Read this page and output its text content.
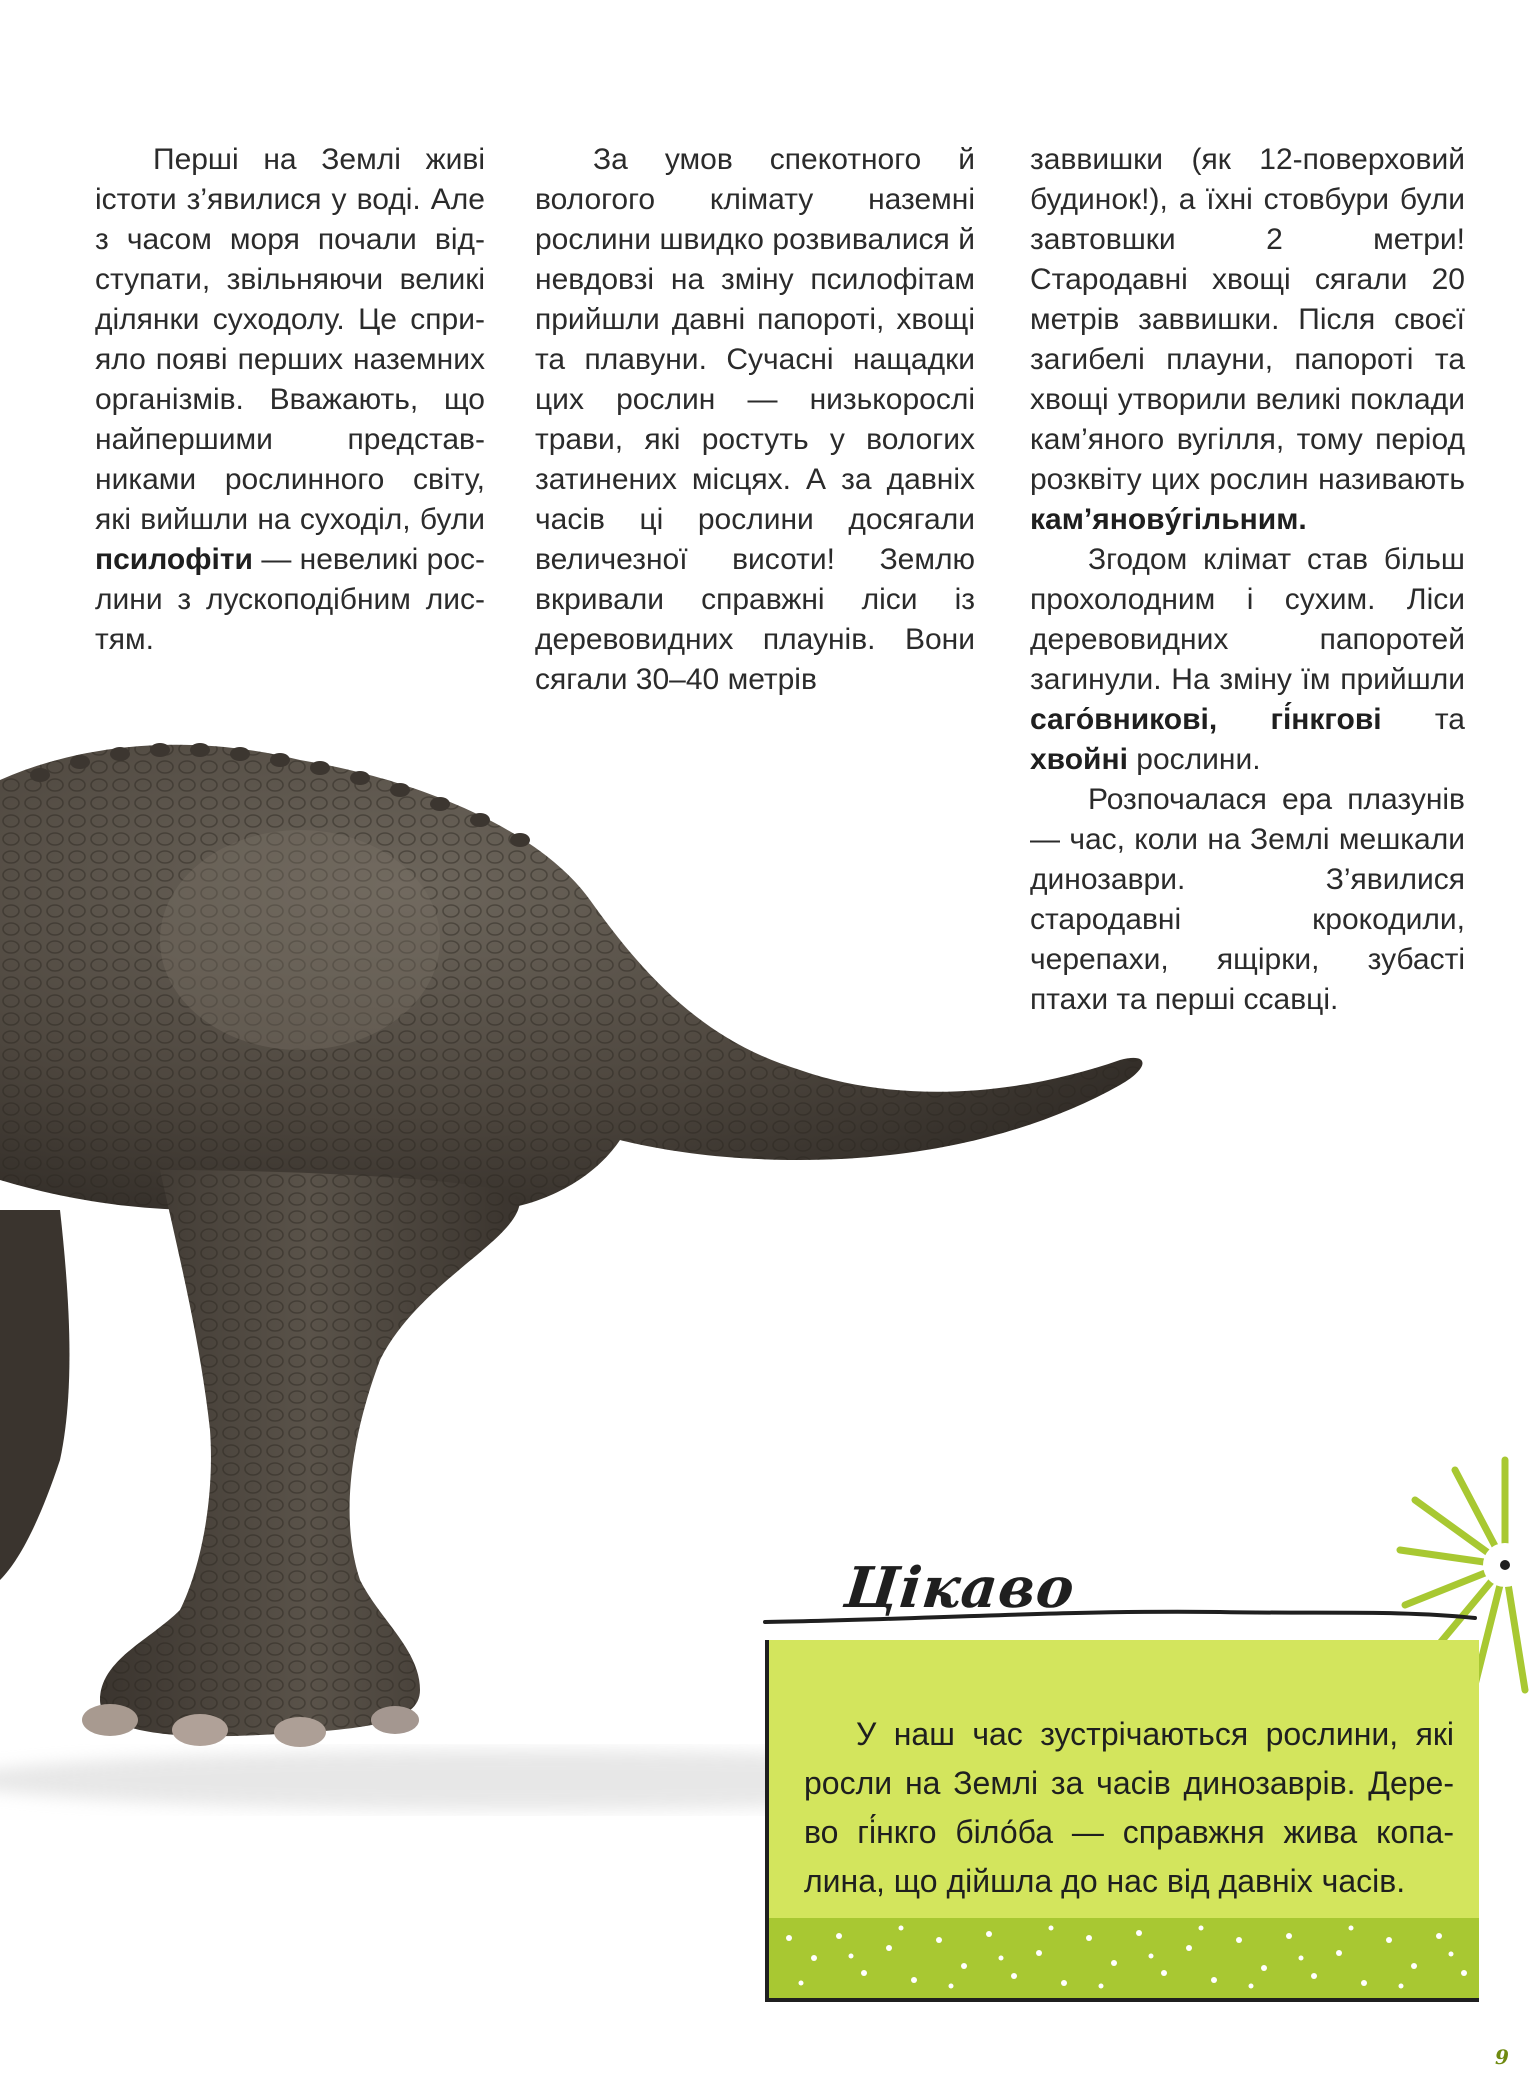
Перші на Землі живі істоти з’явилися у воді. Але з часом моря почали відступати, звільняючи великі ділянки суходолу. Це сприяло появі перших наземних організмів. Вважають, що найпершими представниками рослинного світу, які вийшли на суходіл, були псилофіти — невеликі рослини з лускоподібним листям.

За умов спекотного й вологого клімату наземні рослини швидко розвивалися й невдовзі на зміну псилофітам прийшли давні папороті, хвощі та плавуни. Сучасні нащадки цих рослин — низькорослі трави, які ростуть у вологих затинених місцях. А за давніх часів ці рослини досягали величезної висоти! Землю вкривали справжні ліси із деревовидних плаунів. Вони сягали 30–40 метрів

заввишки (як 12-поверховий будинок!), а їхні стовбури були завтовшки 2 метри! Стародавні хвощі сягали 20 метрів заввишки. Після своєї загибелі плауни, папороті та хвощі утворили великі поклади кам’яного вугілля, тому період розквіту цих рослин називають кам’яновýгільним.

Згодом клімат став більш прохолодним і сухим. Ліси деревовидних папоротей загинули. На зміну їм прийшли саго́вникові, гі́нкгові та хвойні рослини.

Розпочалася ера плазунів — час, коли на Землі мешкали динозаври. З’явилися стародавні крокодили, черепахи, ящірки, зубасті птахи та перші ссавці.

Цікаво
У наш час зустрічаються рослини, які росли на Землі за часів динозаврів. Дерево гі́нкго біло́ба — справжня жива копалина, що дійшла до нас від давніх часів.
9
